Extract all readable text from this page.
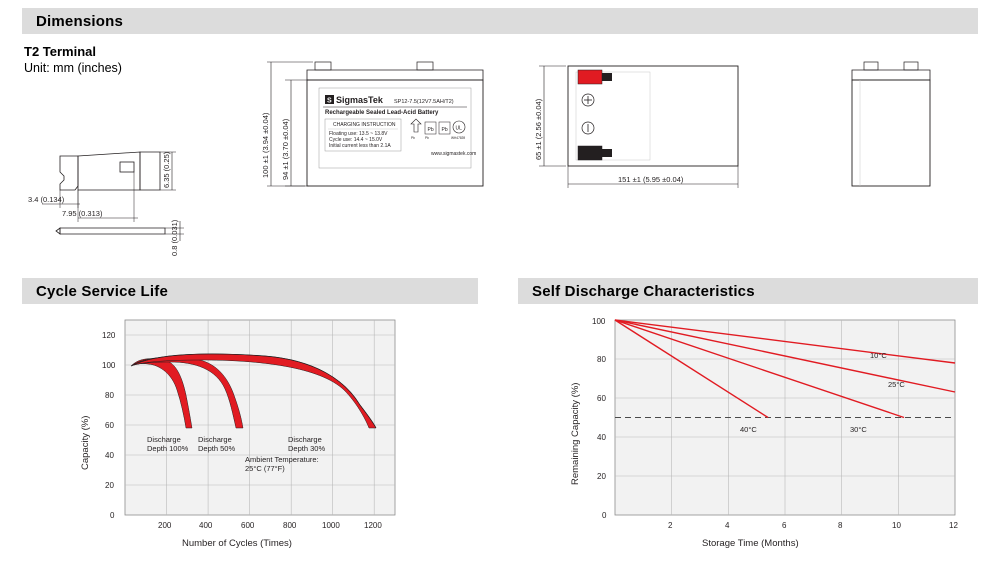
Dimensions
T2 Terminal
Unit: mm (inches)
6.35 (0.25)
0.8 (0.031)
3.4 (0.134)
7.95 (0.313)
S SigmasTek SP12-7.5(12V7.5AH/T2)
Rechargeable Sealed Lead-Acid Battery
CHARGING INSTRUCTION
Floating use: 13.5 ~ 13.8V
Cycle use: 14.4 ~ 15.0V
Initial current less than 2.1A
Pb Pb UL
WH47839
Pb	Pb
www.sigmastek.com
100 ±1 (3.94 ±0.04) 94 ±1 (3.70 ±0.04)	65 ±1 (2.56 ±0.04)
151 ±1 (5.95 ±0.04)
Cycle Service Life
0
20
40
60
80
100
120
200	400	600	800	1000	1200
Discharge
Depth 100%
Discharge
Depth 50%
Discharge
Depth 30%
Ambient Temperature:
25°C (77°F)
Capacity (%)
Number of Cycles (Times)
Self Discharge Characteristics
0
20
40
60
80
100
2	4	6	8	10	12
10°C
25°C
40°C	30°C
Remaining Capacity (%)
Storage Time (Months)
